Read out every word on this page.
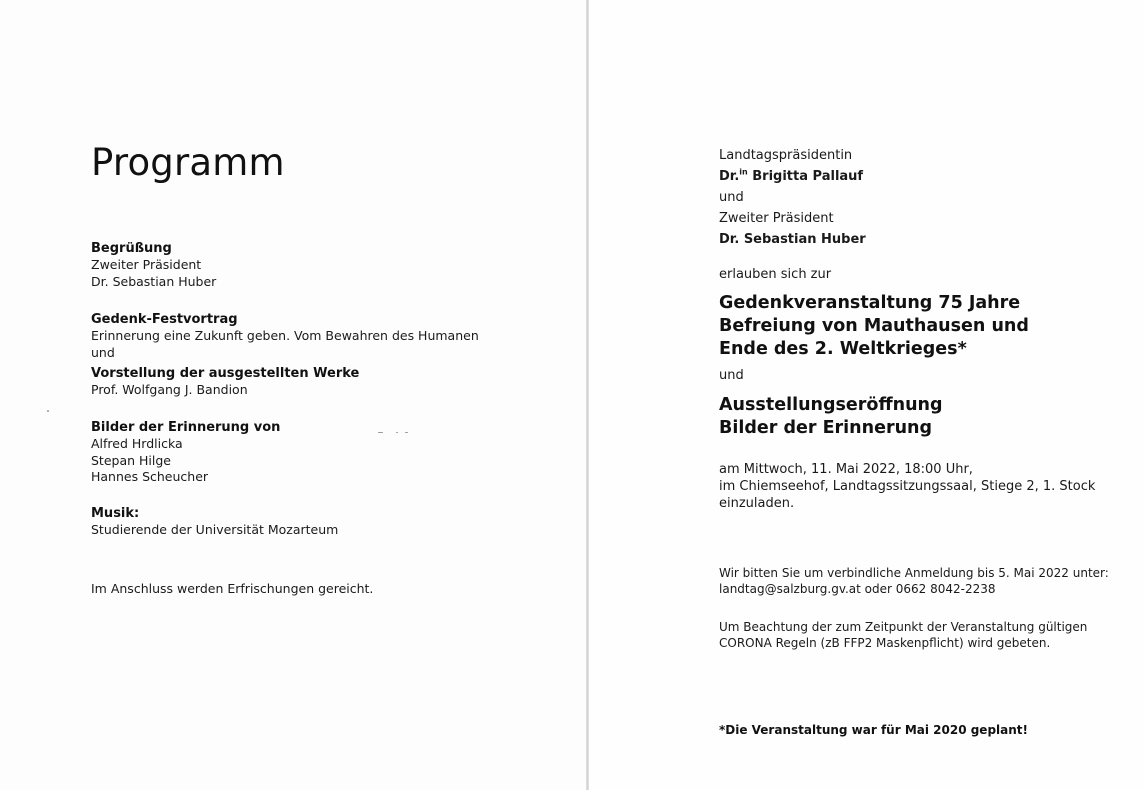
Programm
Begrüßung
Zweiter Präsident
Dr. Sebastian Huber
Gedenk-Festvortrag
Erinnerung eine Zukunft geben. Vom Bewahren des Humanen
und
Vorstellung der ausgestellten Werke
Prof. Wolfgang J. Bandion
Bilder der Erinnerung von
Alfred Hrdlicka
Stepan Hilge
Hannes Scheucher
Musik:
Studierende der Universität Mozarteum
Im Anschluss werden Erfrischungen gereicht.
Landtagspräsidentin
Dr.$^{in}$ Brigitta Pallauf
und
Zweiter Präsident
Dr. Sebastian Huber
erlauben sich zur
Gedenkveranstaltung 75 Jahre
Befreiung von Mauthausen und
Ende des 2. Weltkrieges*
und
Ausstellungseröffnung
Bilder der Erinnerung
am Mittwoch, 11. Mai 2022, 18:00 Uhr,
im Chiemseehof, Landtagssitzungssaal, Stiege 2, 1. Stock
einzuladen.
Wir bitten Sie um verbindliche Anmeldung bis 5. Mai 2022 unter:
landtag@salzburg.gv.at oder 0662 8042-2238
Um Beachtung der zum Zeitpunkt der Veranstaltung gültigen
CORONA Regeln (zB FFP2 Maskenpflicht) wird gebeten.
*Die Veranstaltung war für Mai 2020 geplant!
